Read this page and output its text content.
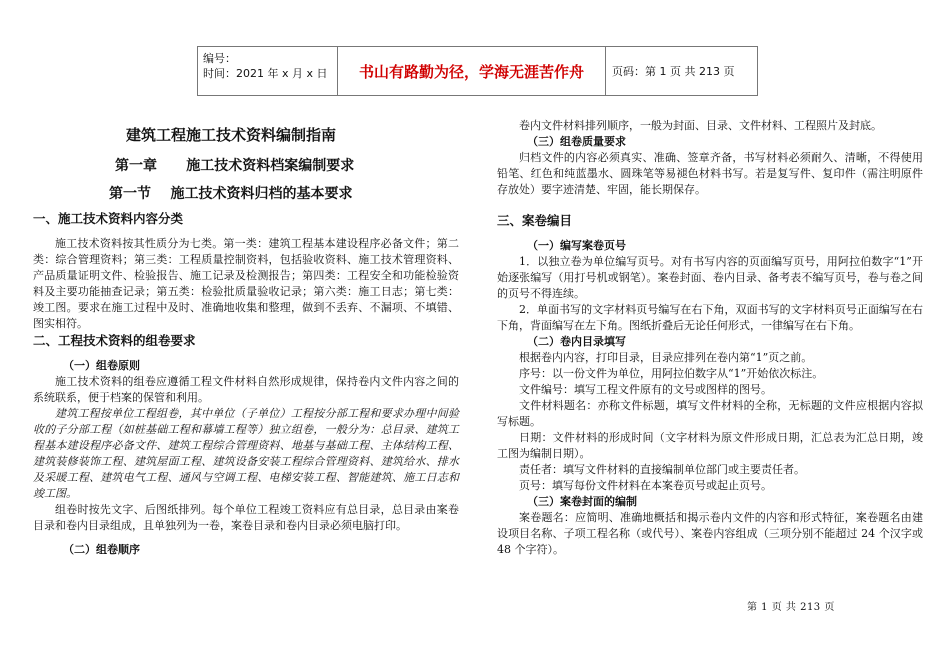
编号：
时间：2021 年 x 月 x 日	书山有路勤为径，学海无涯苦作舟	页码：第 1 页 共 213 页
建筑工程施工技术资料编制指南
第一章      施工技术资料档案编制要求
第一节    施工技术资料归档的基本要求
一、施工技术资料内容分类

施工技术资料按其性质分为七类。第一类：建筑工程基本建设程序必备文件；第二类：综合管理资料；第三类：工程质量控制资料，包括验收资料、施工技术管理资料、产品质量证明文件、检验报告、施工记录及检测报告；第四类：工程安全和功能检验资料及主要功能抽查记录；第五类：检验批质量验收记录；第六类：施工日志；第七类：竣工图。要求在施工过程中及时、准确地收集和整理，做到不丢弃、不漏项、不填错、图实相符。

二、工程技术资料的组卷要求
（一）组卷原则

施工技术资料的组卷应遵循工程文件材料自然形成规律，保持卷内文件内容之间的系统联系，便于档案的保管和利用。

建筑工程按单位工程组卷，其中单位（子单位）工程按分部工程和要求办理中间验收的子分部工程（如桩基础工程和幕墙工程等）独立组卷，一般分为：总目录、建筑工程基本建设程序必备文件、建筑工程综合管理资料、地基与基础工程、主体结构工程、建筑装修装饰工程、建筑屋面工程、建筑设备安装工程综合管理资料、建筑给水、排水及采暖工程、建筑电气工程、通风与空调工程、电梯安装工程、智能建筑、施工日志和竣工图。

组卷时按先文字、后图纸排列。每个单位工程竣工资料应有总目录，总目录由案卷目录和卷内目录组成，且单独列为一卷，案卷目录和卷内目录必须电脑打印。

（二）组卷顺序

卷内文件材料排列顺序，一般为封面、目录、文件材料、工程照片及封底。

（三）组卷质量要求

归档文件的内容必须真实、准确、签章齐备，书写材料必须耐久、清晰，不得使用铅笔、红色和纯蓝墨水、圆珠笔等易褪色材料书写。若是复写件、复印件（需注明原件存放处）要字迹清楚、牢固，能长期保存。

三、案卷编目
（一）编写案卷页号

1．以独立卷为单位编写页号。对有书写内容的页面编写页号，用阿拉伯数字“1”开始逐张编写（用打号机或钢笔）。案卷封面、卷内目录、备考表不编写页号，卷与卷之间的页号不得连续。

2．单面书写的文字材料页号编写在右下角，双面书写的文字材料页号正面编写在右下角，背面编写在左下角。图纸折叠后无论任何形式，一律编写在右下角。

（二）卷内目录填写

根据卷内内容，打印目录，目录应排列在卷内第“1”页之前。

序号：以一份文件为单位，用阿拉伯数字从“1”开始依次标注。

文件编号：填写工程文件原有的文号或图样的图号。

文件材料题名：亦称文件标题，填写文件材料的全称，无标题的文件应根据内容拟写标题。

日期：文件材料的形成时间（文字材料为原文件形成日期，汇总表为汇总日期，竣工图为编制日期）。

责任者：填写文件材料的直接编制单位部门或主要责任者。

页号：填写每份文件材料在本案卷页号或起止页号。

（三）案卷封面的编制

案卷题名：应简明、准确地概括和揭示卷内文件的内容和形式特征，案卷题名由建设项目名称、子项工程名称（或代号）、案卷内容组成（三项分别不能超过 24 个汉字或 48 个字符）。

第 1 页 共 213 页
